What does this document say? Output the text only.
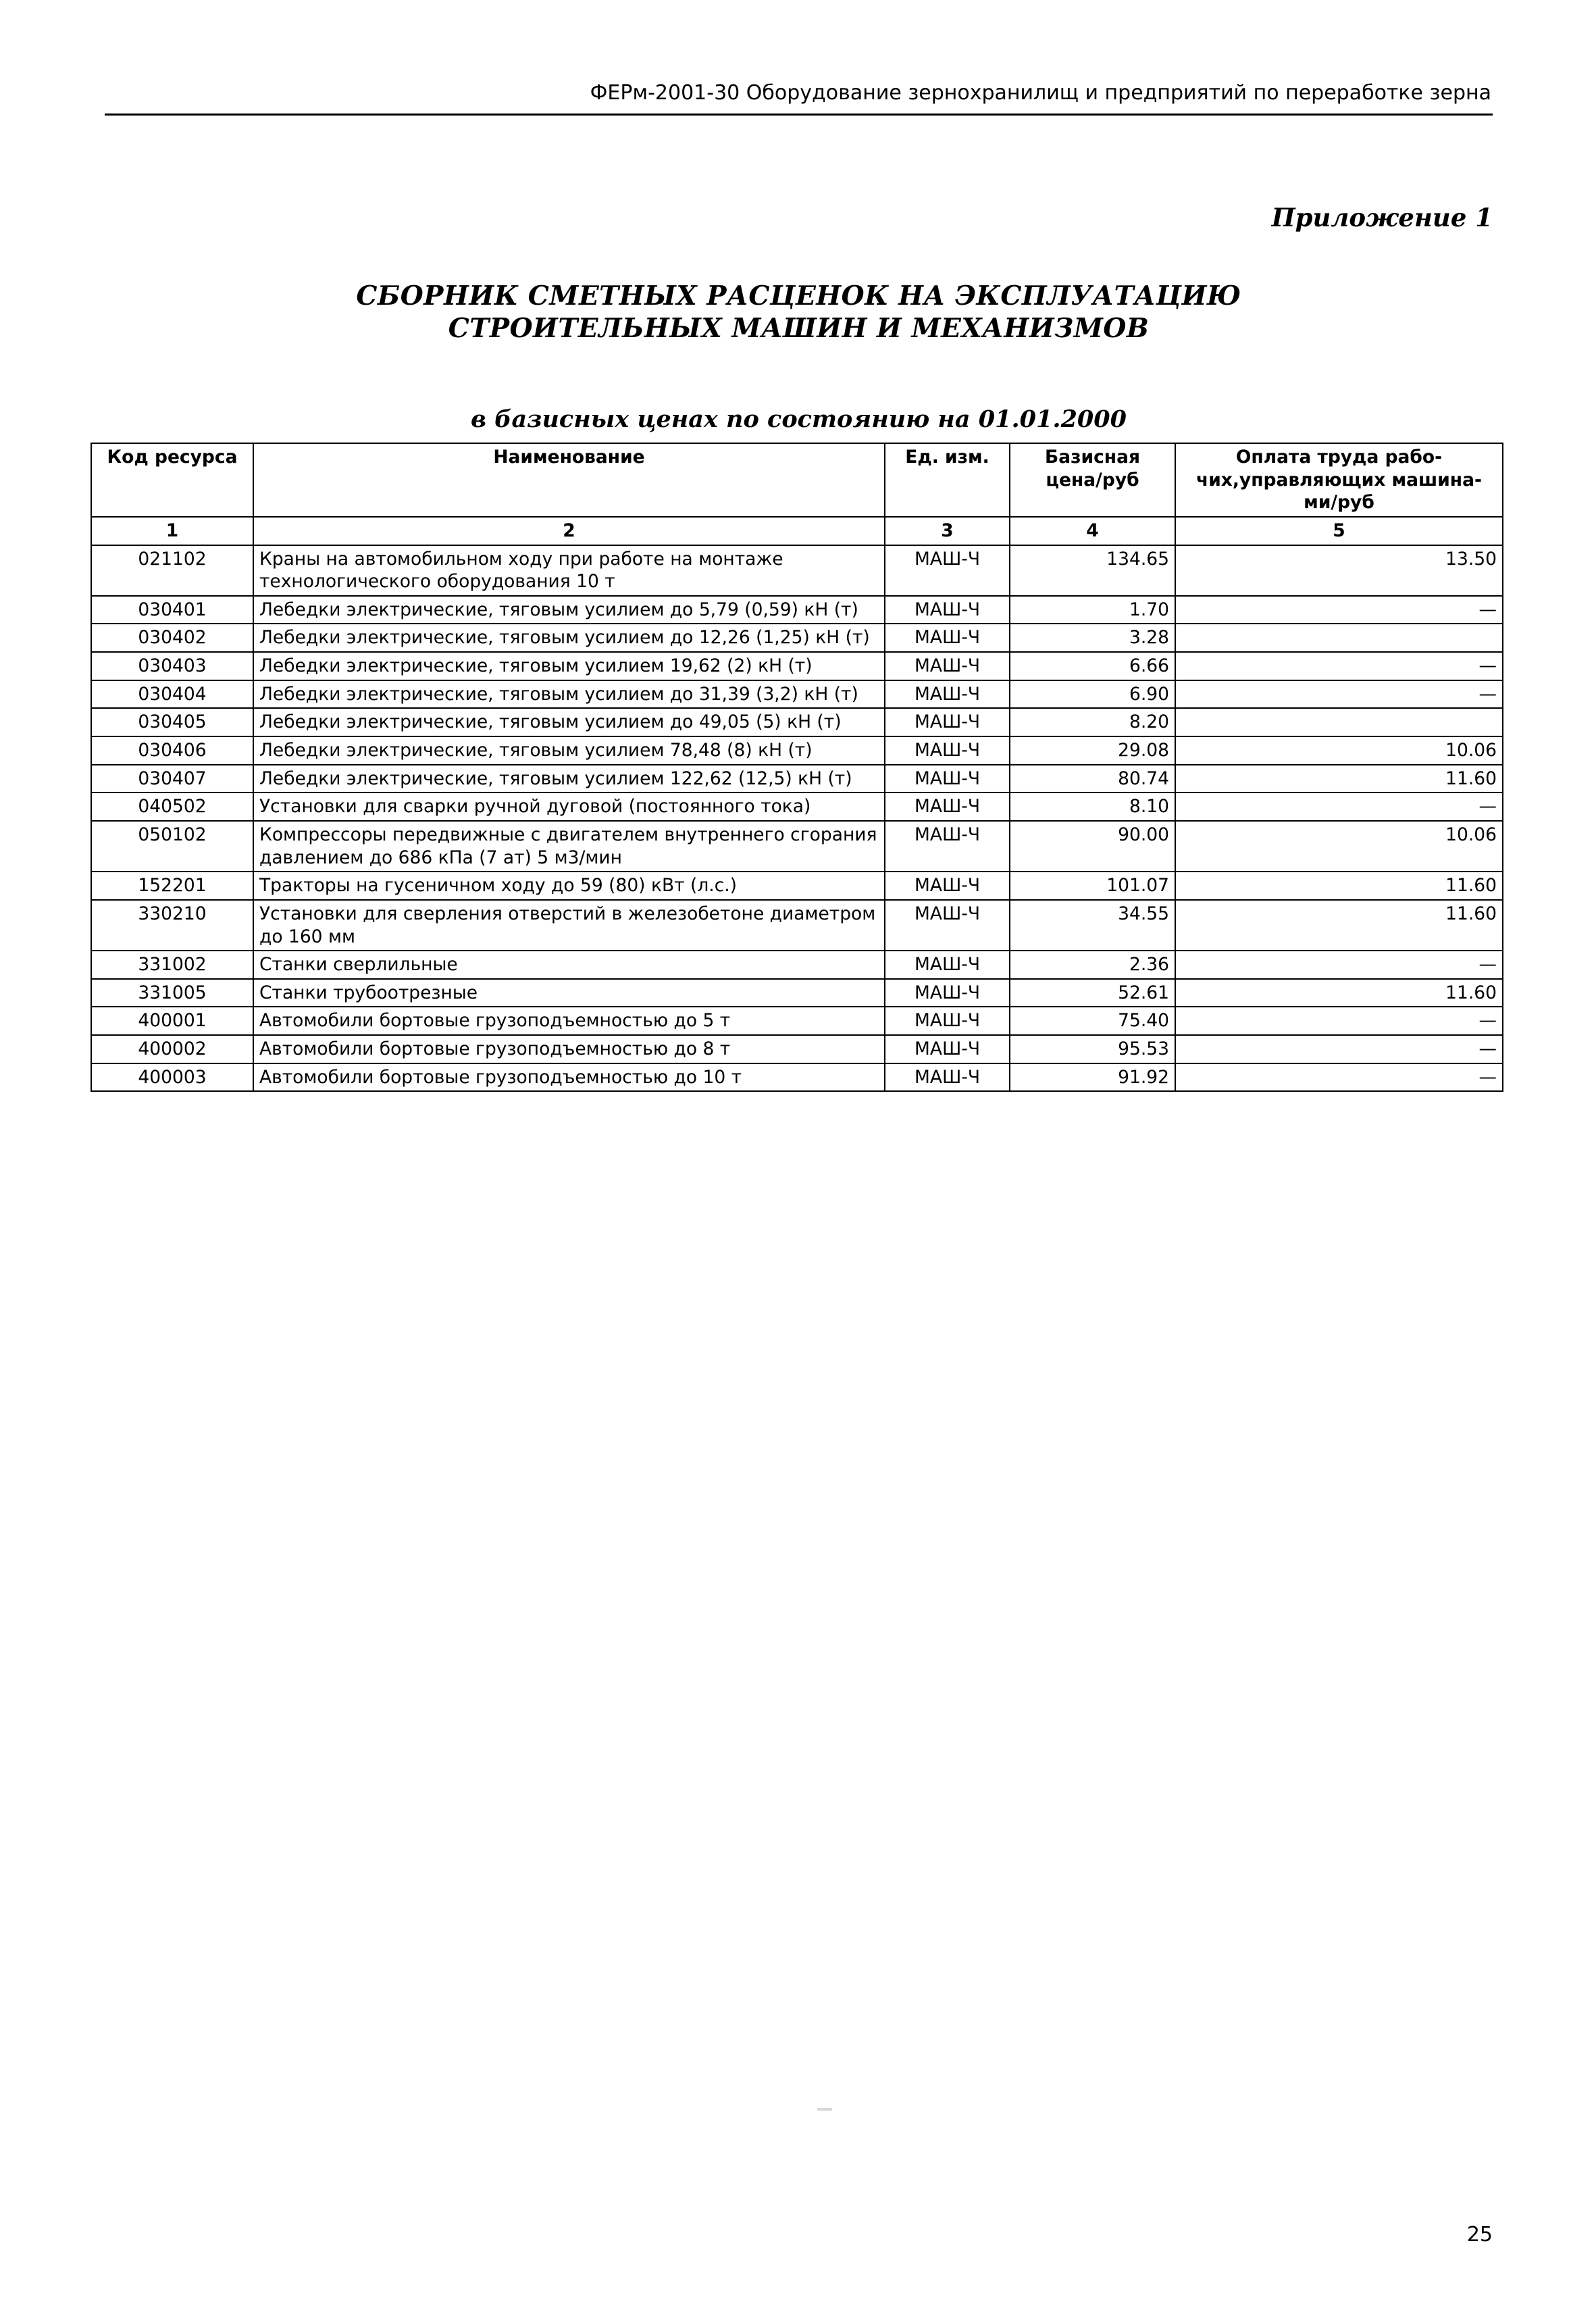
ФЕРм-2001-30 Оборудование зернохранилищ и предприятий по переработке зерна
Приложение 1
СБОРНИК СМЕТНЫХ РАСЦЕНОК НА ЭКСПЛУАТАЦИЮ
СТРОИТЕЛЬНЫХ МАШИН И МЕХАНИЗМОВ
в базисных ценах по состоянию на 01.01.2000
Код ресурса	Наименование	Ед. изм.	Базисная цена/руб	Оплата труда рабо-чих,управляющих машина-ми/руб
1	2	3	4	5
021102	Краны на автомобильном ходу при работе на монтаже технологического оборудования 10 т	МАШ-Ч	134.65	13.50
030401	Лебедки электрические, тяговым усилием до 5,79 (0,59) кН (т)	МАШ-Ч	1.70	—
030402	Лебедки электрические, тяговым усилием до 12,26 (1,25) кН (т)	МАШ-Ч	3.28	
030403	Лебедки электрические, тяговым усилием 19,62 (2) кН (т)	МАШ-Ч	6.66	—
030404	Лебедки электрические, тяговым усилием до 31,39 (3,2) кН (т)	МАШ-Ч	6.90	—
030405	Лебедки электрические, тяговым усилием до 49,05 (5) кН (т)	МАШ-Ч	8.20	
030406	Лебедки электрические, тяговым усилием 78,48 (8) кН (т)	МАШ-Ч	29.08	10.06
030407	Лебедки электрические, тяговым усилием 122,62 (12,5) кН (т)	МАШ-Ч	80.74	11.60
040502	Установки для сварки ручной дуговой (постоянного тока)	МАШ-Ч	8.10	—
050102	Компрессоры передвижные с двигателем внутреннего сгорания давлением до 686 кПа (7 ат) 5 м3/мин	МАШ-Ч	90.00	10.06
152201	Тракторы на гусеничном ходу до 59 (80) кВт (л.с.)	МАШ-Ч	101.07	11.60
330210	Установки для сверления отверстий в железобетоне диаметром до 160 мм	МАШ-Ч	34.55	11.60
331002	Станки сверлильные	МАШ-Ч	2.36	—
331005	Станки трубоотрезные	МАШ-Ч	52.61	11.60
400001	Автомобили бортовые грузоподъемностью до 5 т	МАШ-Ч	75.40	—
400002	Автомобили бортовые грузоподъемностью до 8 т	МАШ-Ч	95.53	—
400003	Автомобили бортовые грузоподъемностью до 10 т	МАШ-Ч	91.92	—
25
